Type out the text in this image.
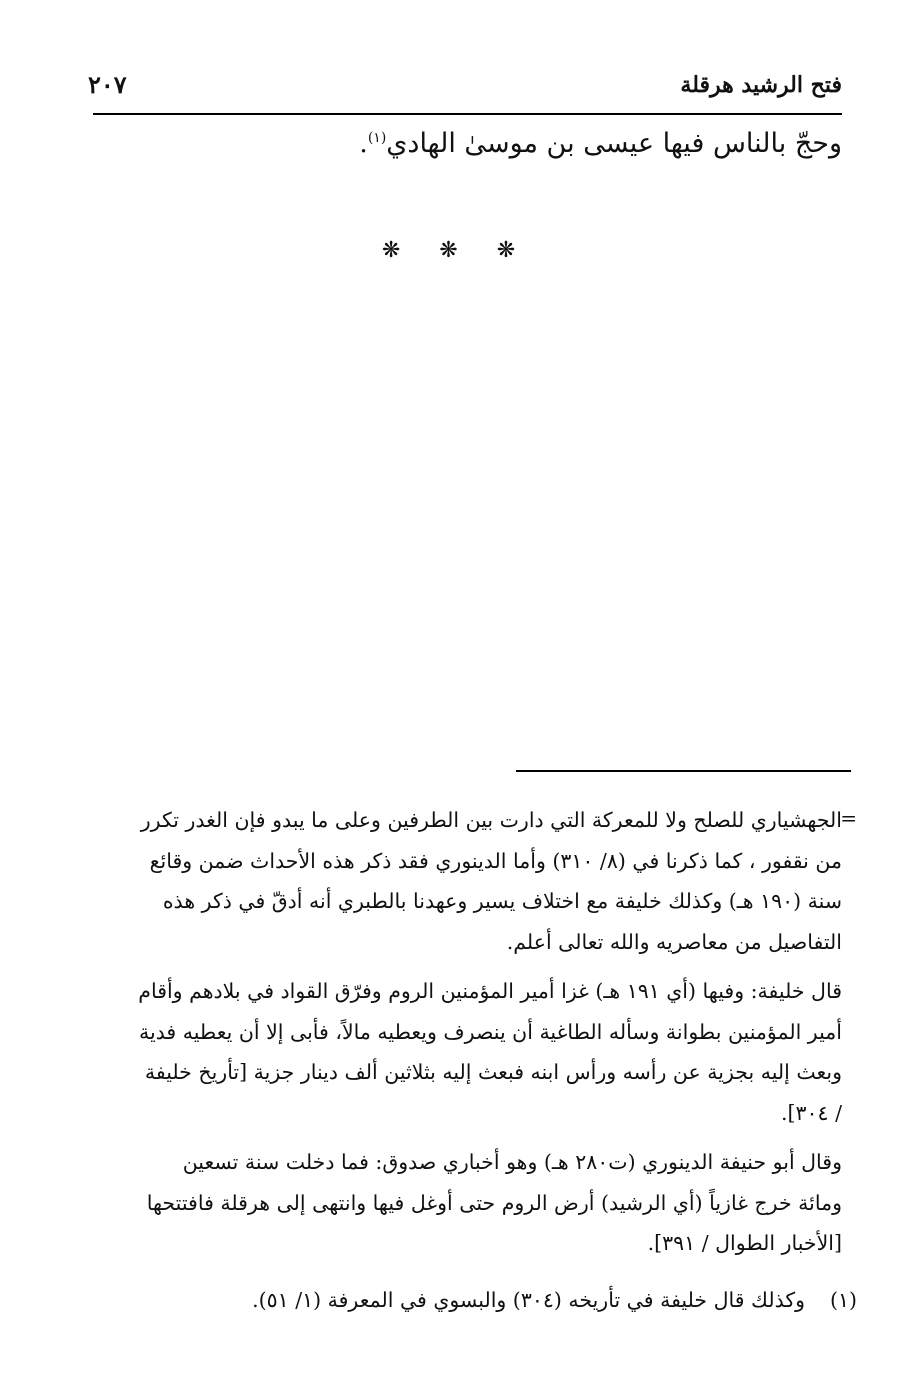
فتح الرشيد هرقلة
٢٠٧
وحجّ بالناس فيها عيسى بن موسىٰ الهادي$^{(١)}$.
❋ ❋ ❋
=
الجهشياري للصلح ولا للمعركة التي دارت بين الطرفين وعلى ما يبدو فإن الغدر تكرر
من نقفور ، كما ذكرنا في (٨/ ٣١٠) وأما الدينوري فقد ذكر هذه الأحداث ضمن وقائع
سنة (١٩٠ هـ) وكذلك خليفة مع اختلاف يسير وعهدنا بالطبري أنه أدقّ في ذكر هذه
التفاصيل من معاصريه والله تعالى أعلم.
قال خليفة: وفيها (أي ١٩١ هـ) غزا أمير المؤمنين الروم وفرّق القواد في بلادهم وأقام
أمير المؤمنين بطوانة وسأله الطاغية أن ينصرف ويعطيه مالاً، فأبى إلا أن يعطيه فدية
وبعث إليه بجزية عن رأسه ورأس ابنه فبعث إليه بثلاثين ألف دينار جزية [تأريخ خليفة
/ ٣٠٤].
وقال أبو حنيفة الدينوري (ت٢٨٠ هـ) وهو أخباري صدوق: فما دخلت سنة تسعين
ومائة خرج غازياً (أي الرشيد) أرض الروم حتى أوغل فيها وانتهى إلى هرقلة فافتتحها
[الأخبار الطوال / ٣٩١].
(١)
وكذلك قال خليفة في تأريخه (٣٠٤) والبسوي في المعرفة (١/ ٥١).
